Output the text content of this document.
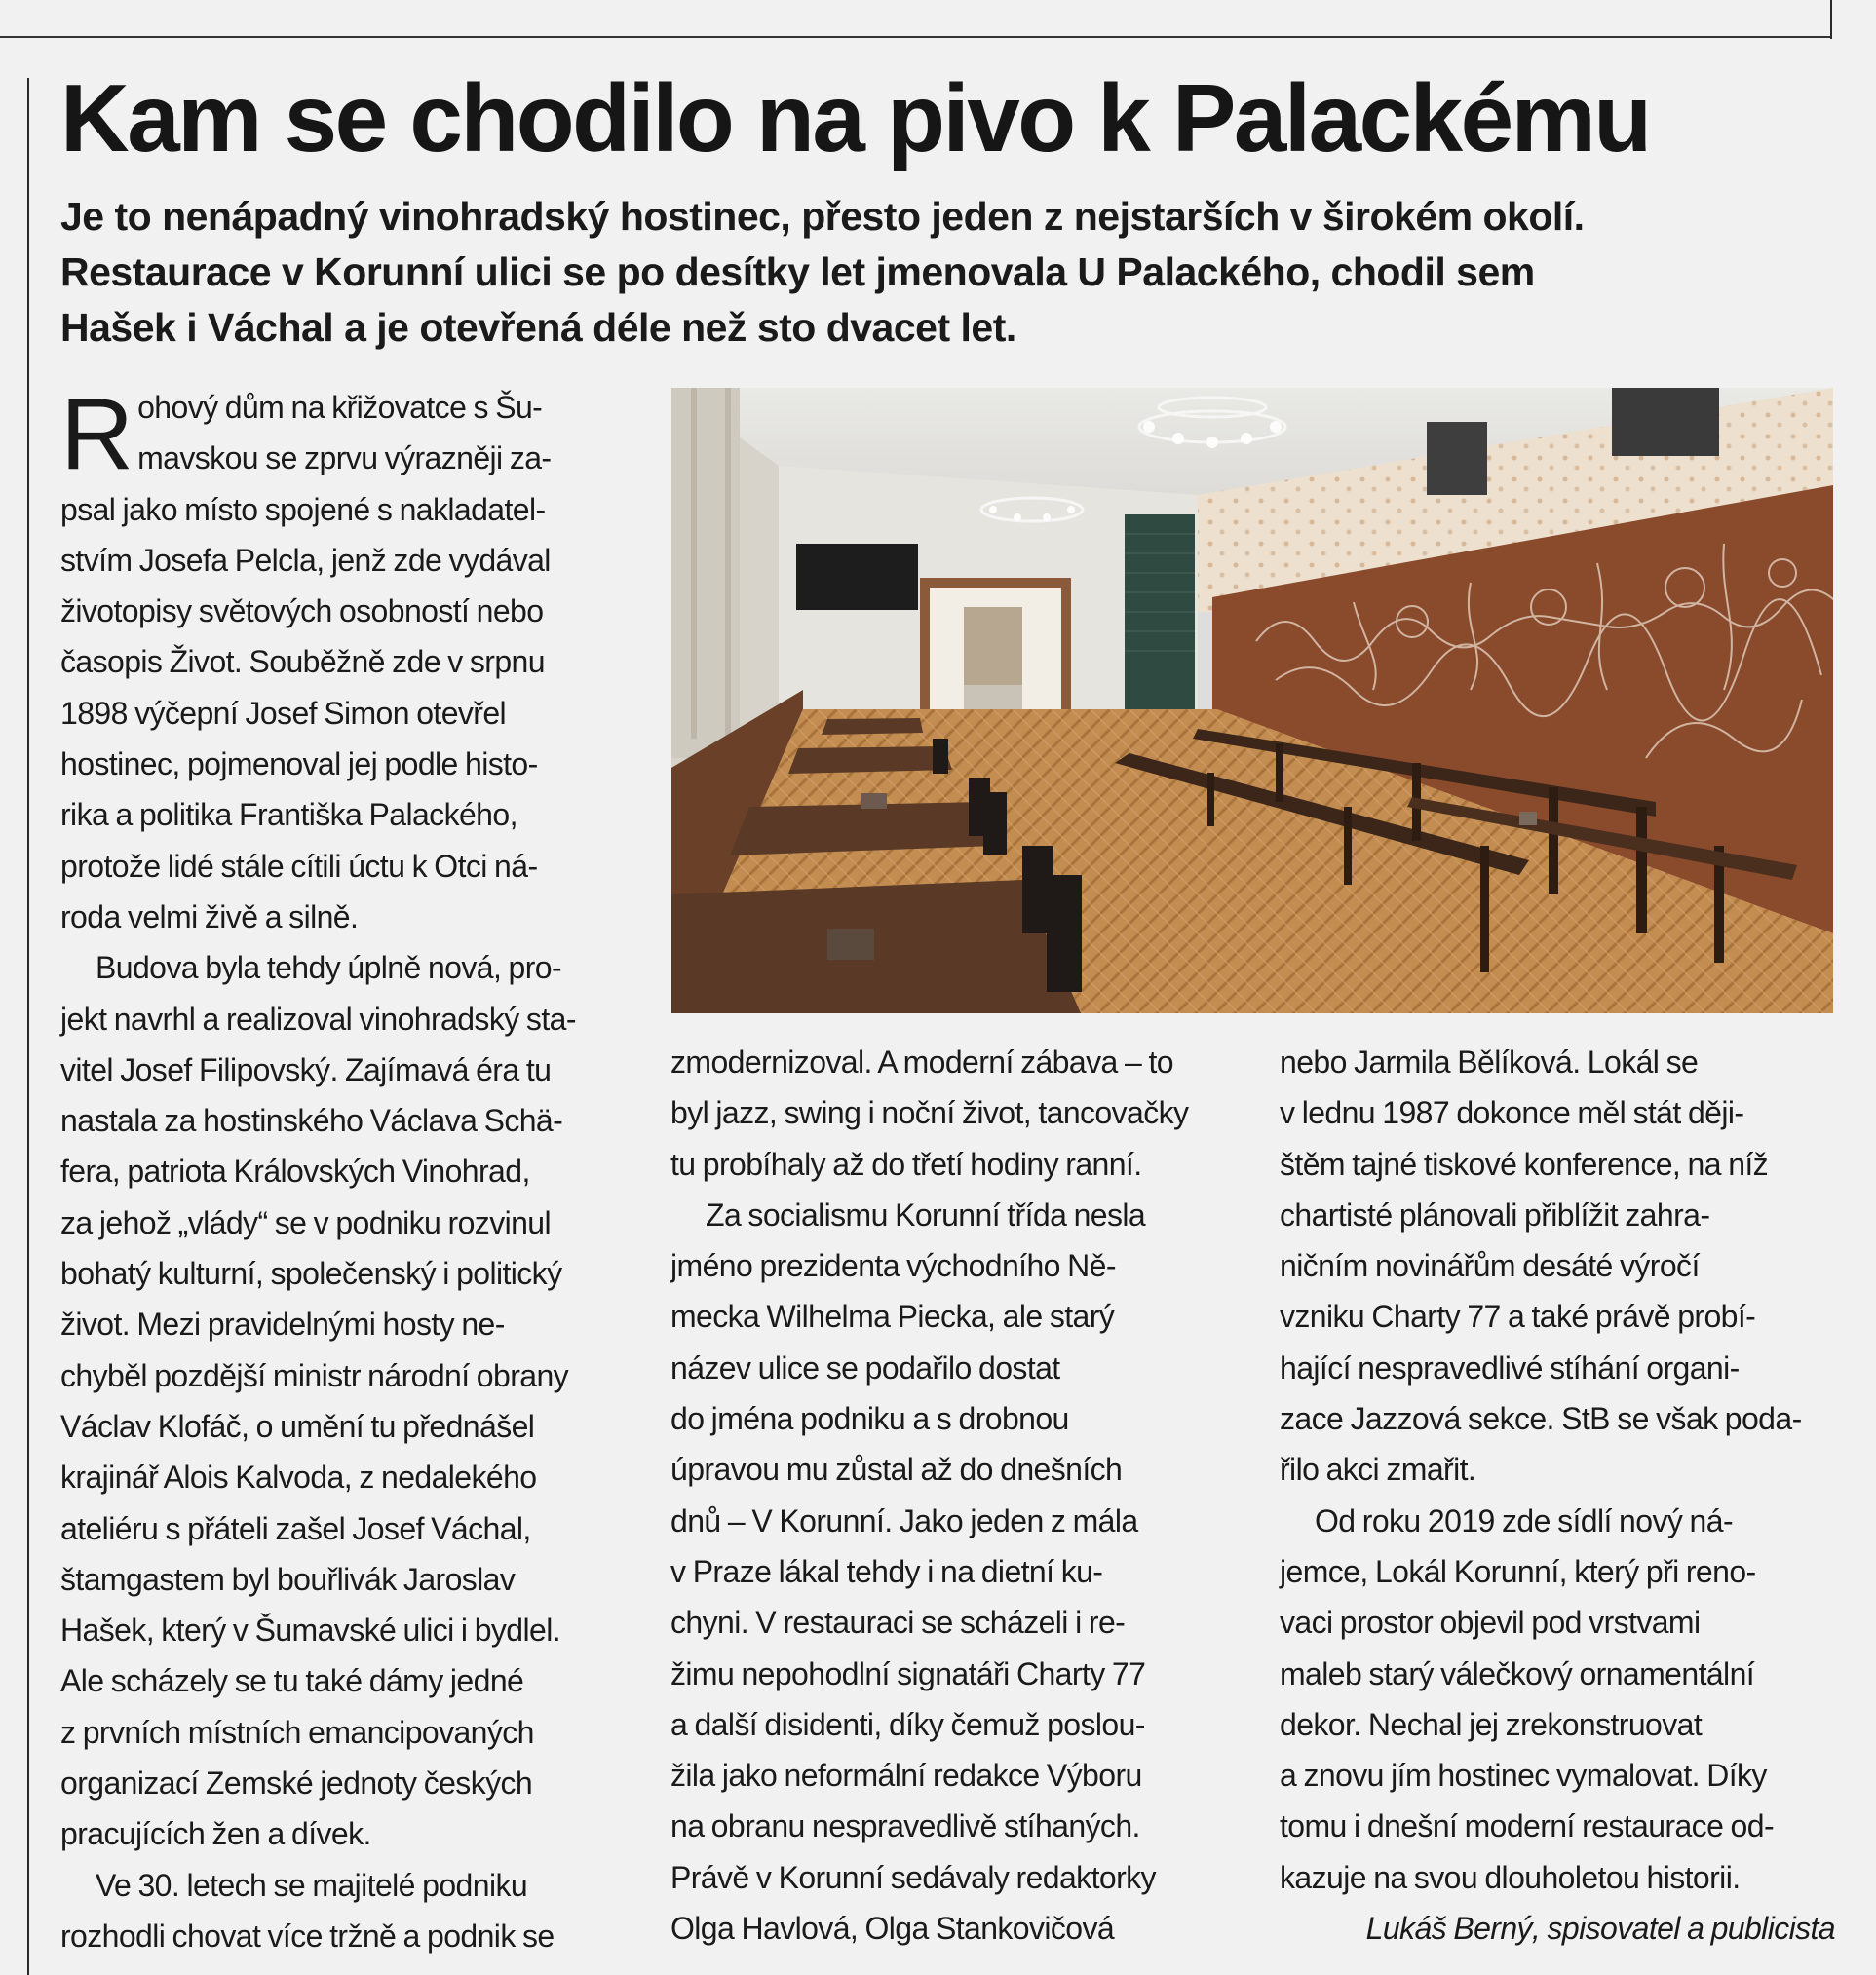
Kam se chodilo na pivo k Palackému
Je to nenápadný vinohradský hostinec, přesto jeden z nejstarších v širokém okolí.
Restaurace v Korunní ulici se po desítky let jmenovala U Palackého, chodil sem
Hašek i Váchal a je otevřená déle než sto dvacet let.
R ohový dům na křižovatce s Šu-
mavskou se zprvu výrazněji za-
psal jako místo spojené s nakladatel-
stvím Josefa Pelcla, jenž zde vydával
životopisy světových osobností nebo
časopis Život. Souběžně zde v srpnu
1898 výčepní Josef Simon otevřel
hostinec, pojmenoval jej podle histo-
rika a politika Františka Palackého,
protože lidé stále cítili úctu k Otci ná-
roda velmi živě a silně.
Budova byla tehdy úplně nová, pro-
jekt navrhl a realizoval vinohradský sta-
vitel Josef Filipovský. Zajímavá éra tu
nastala za hostinského Václava Schä-
fera, patriota Královských Vinohrad,
za jehož „vlády“ se v podniku rozvinul
bohatý kulturní, společenský i politický
život. Mezi pravidelnými hosty ne-
chyběl pozdější ministr národní obrany
Václav Klofáč, o umění tu přednášel
krajinář Alois Kalvoda, z nedalekého
ateliéru s přáteli zašel Josef Váchal,
štamgastem byl bouřlivák Jaroslav
Hašek, který v Šumavské ulici i bydlel.
Ale scházely se tu také dámy jedné
z prvních místních emancipovaných
organizací Zemské jednoty českých
pracujících žen a dívek.
Ve 30. letech se majitelé podniku
rozhodli chovat více tržně a podnik se
zmodernizoval. A moderní zábava – to
byl jazz, swing i noční život, tancovačky
tu probíhaly až do třetí hodiny ranní.
Za socialismu Korunní třída nesla
jméno prezidenta východního Ně-
mecka Wilhelma Piecka, ale starý
název ulice se podařilo dostat
do jména podniku a s drobnou
úpravou mu zůstal až do dnešních
dnů – V Korunní. Jako jeden z mála
v Praze lákal tehdy i na dietní ku-
chyni. V restauraci se scházeli i re-
žimu nepohodlní signatáři Charty 77
a další disidenti, díky čemuž poslou-
žila jako neformální redakce Výboru
na obranu nespravedlivě stíhaných.
Právě v Korunní sedávaly redaktorky
Olga Havlová, Olga Stankovičová
nebo Jarmila Bělíková. Lokál se
v lednu 1987 dokonce měl stát ději-
štěm tajné tiskové konference, na níž
chartisté plánovali přiblížit zahra-
ničním novinářům desáté výročí
vzniku Charty 77 a také právě probí-
hající nespravedlivé stíhání organi-
zace Jazzová sekce. StB se však poda-
řilo akci zmařit.
Od roku 2019 zde sídlí nový ná-
jemce, Lokál Korunní, který při reno-
vaci prostor objevil pod vrstvami
maleb starý válečkový ornamentální
dekor. Nechal jej zrekonstruovat
a znovu jím hostinec vymalovat. Díky
tomu i dnešní moderní restaurace od-
kazuje na svou dlouholetou historii.
Lukáš Berný, spisovatel a publicista
